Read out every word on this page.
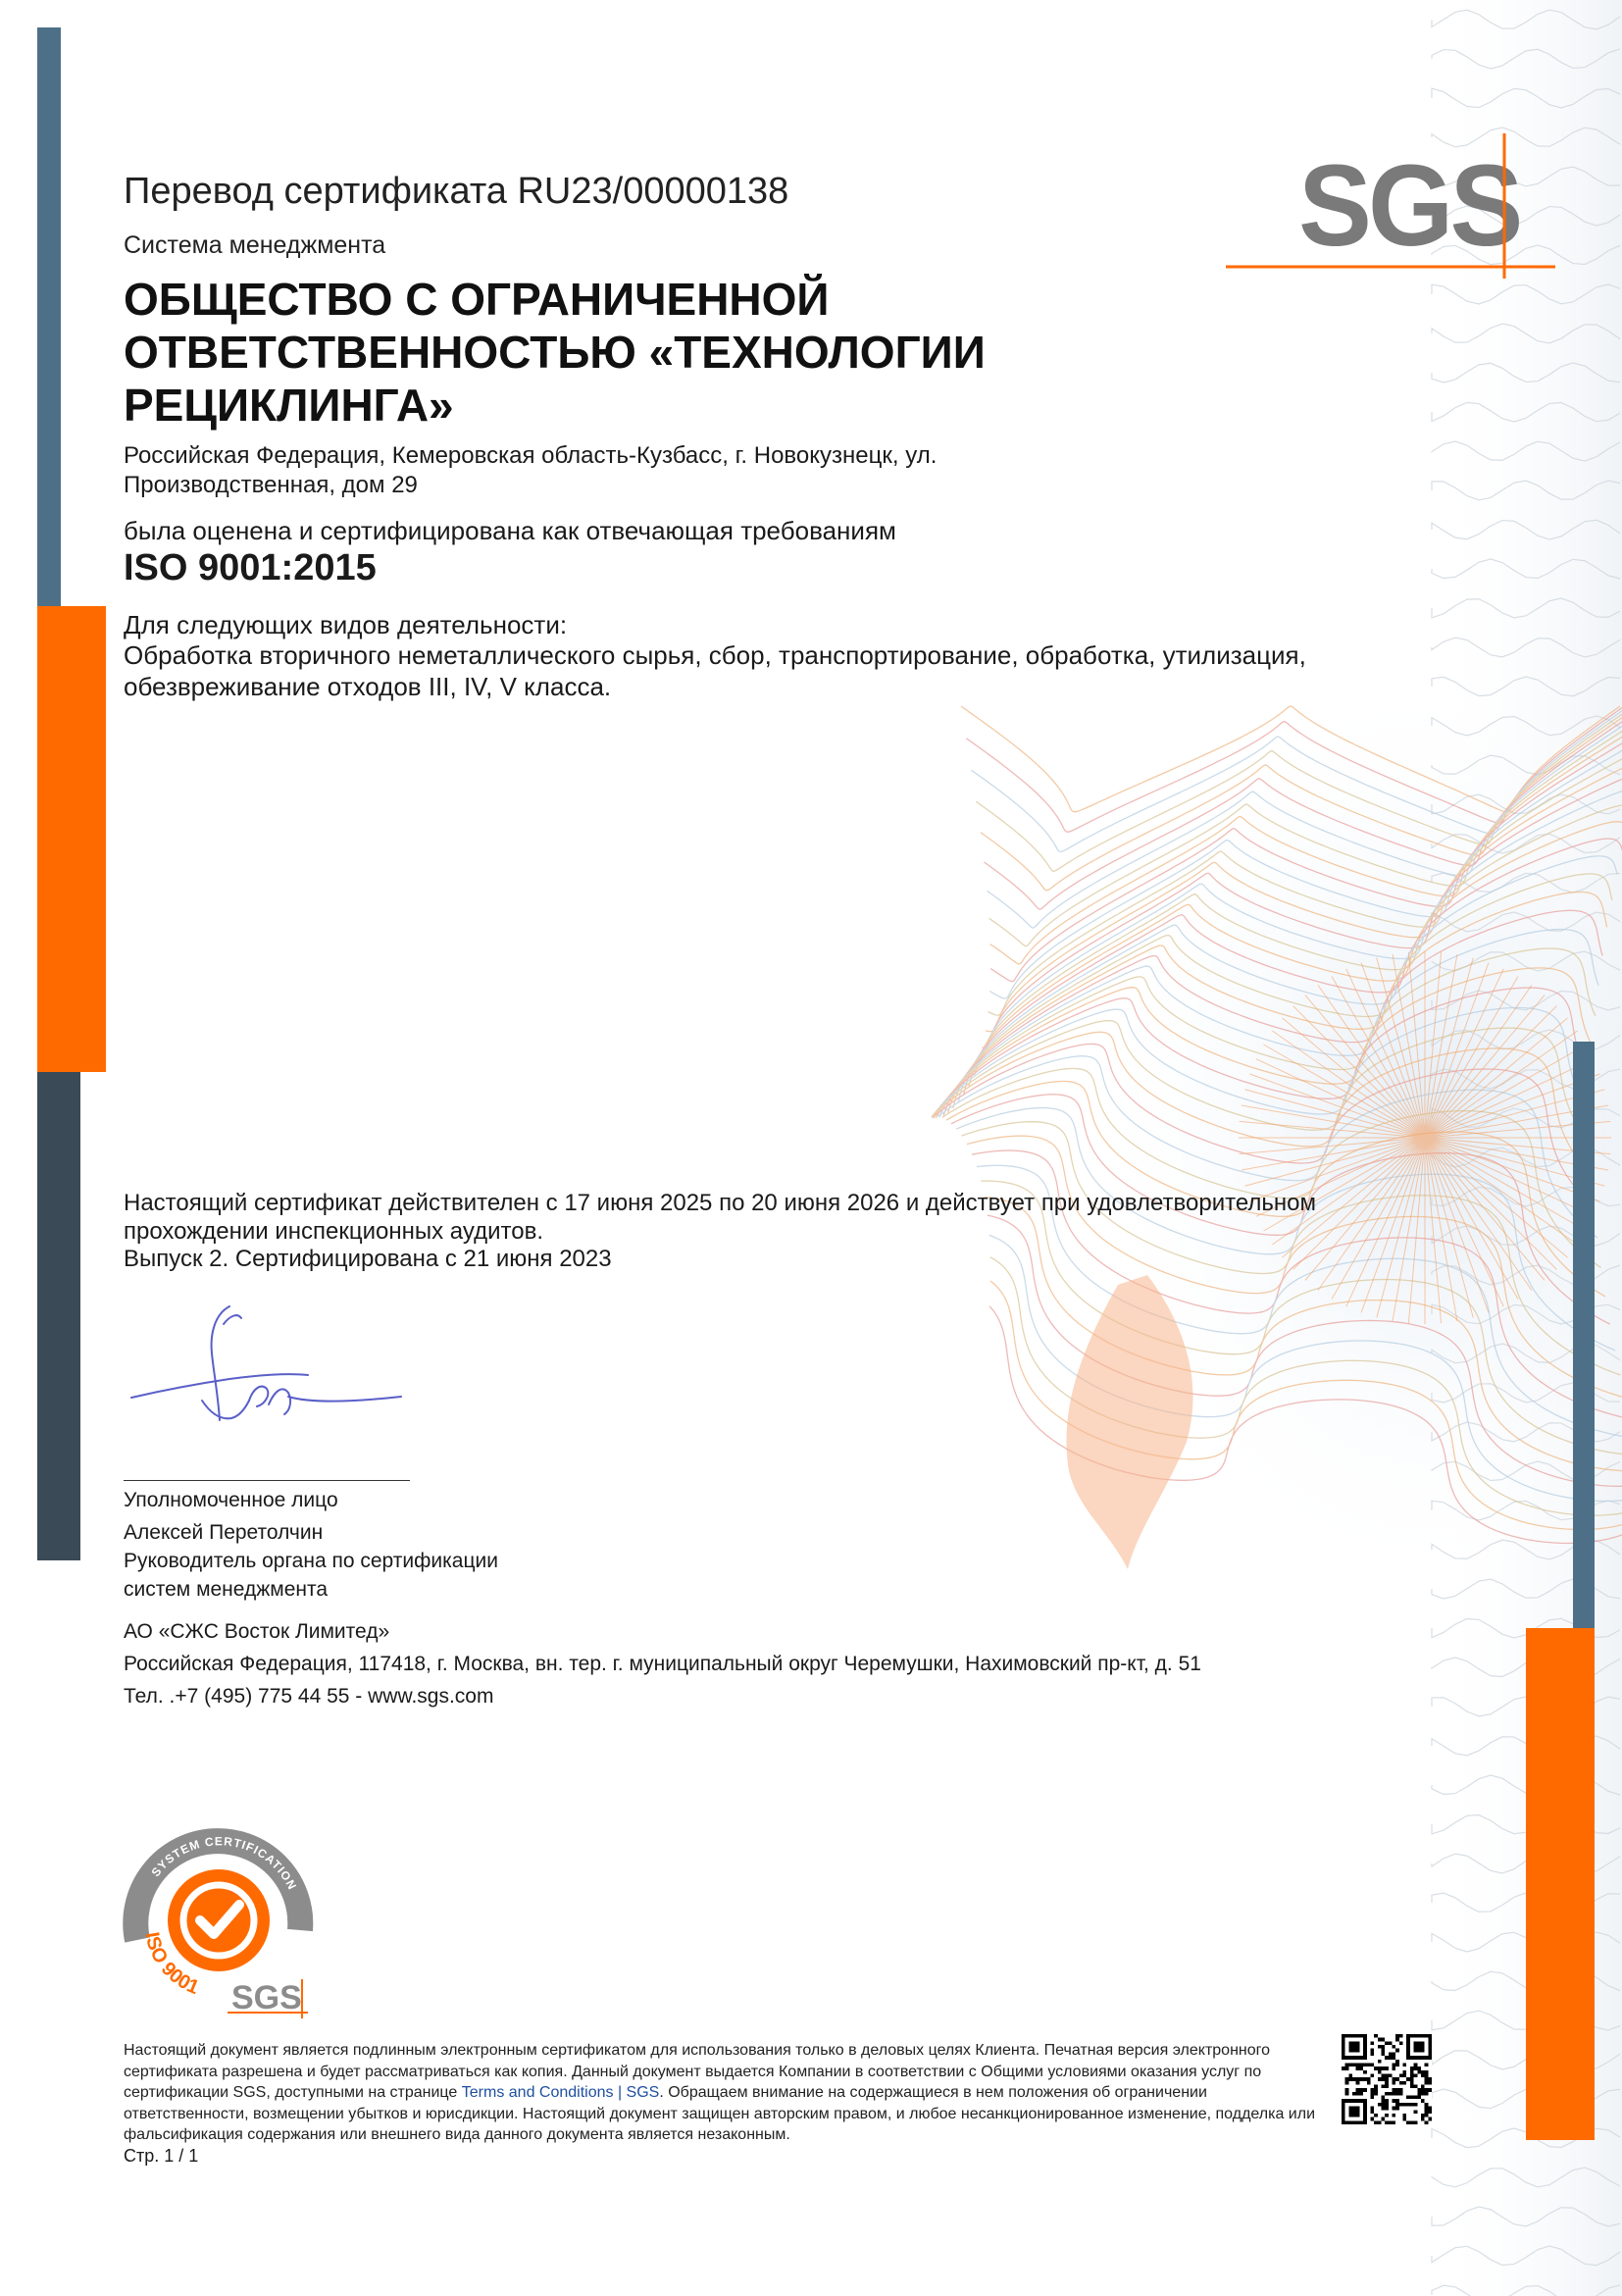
SGS
Перевод сертификата RU23/00000138
Система менеджмента
ОБЩЕСТВО С ОГРАНИЧЕННОЙ ОТВЕТСТВЕННОСТЬЮ «ТЕХНОЛОГИИ РЕЦИКЛИНГА»
Российская Федерация, Кемеровская область-Кузбасс, г. Новокузнецк, ул. Производственная, дом 29
была оценена и сертифицирована как отвечающая требованиям
ISO 9001:2015
Для следующих видов деятельности:
Обработка вторичного неметаллического сырья, сбор, транспортирование, обработка, утилизация, обезвреживание отходов III, IV, V класса.
Настоящий сертификат действителен с 17 июня 2025 по 20 июня 2026 и действует при удовлетворительном прохождении инспекционных аудитов.
Выпуск 2. Сертифицирована с 21 июня 2023
Уполномоченное лицо
Алексей Перетолчин
Руководитель органа по сертификации
систем менеджмента
АО «СЖС Восток Лимитед»
Российская Федерация, 117418, г. Москва, вн. тер. г. муниципальный округ Черемушки, Нахимовский пр-кт, д. 51
Тел. .+7 (495) 775 44 55 - www.sgs.com
SYSTEM CERTIFICATION
ISO 9001 SGS
Настоящий документ является подлинным электронным сертификатом для использования только в деловых целях Клиента. Печатная версия электронного сертификата разрешена и будет рассматриваться как копия. Данный документ выдается Компании в соответствии с Общими условиями оказания услуг по сертификации SGS, доступными на странице Terms and Conditions | SGS. Обращаем внимание на содержащиеся в нем положения об ограничении ответственности, возмещении убытков и юрисдикции. Настоящий документ защищен авторским правом, и любое несанкционированное изменение, подделка или фальсификация содержания или внешнего вида данного документа является незаконным.
Стр. 1 / 1
